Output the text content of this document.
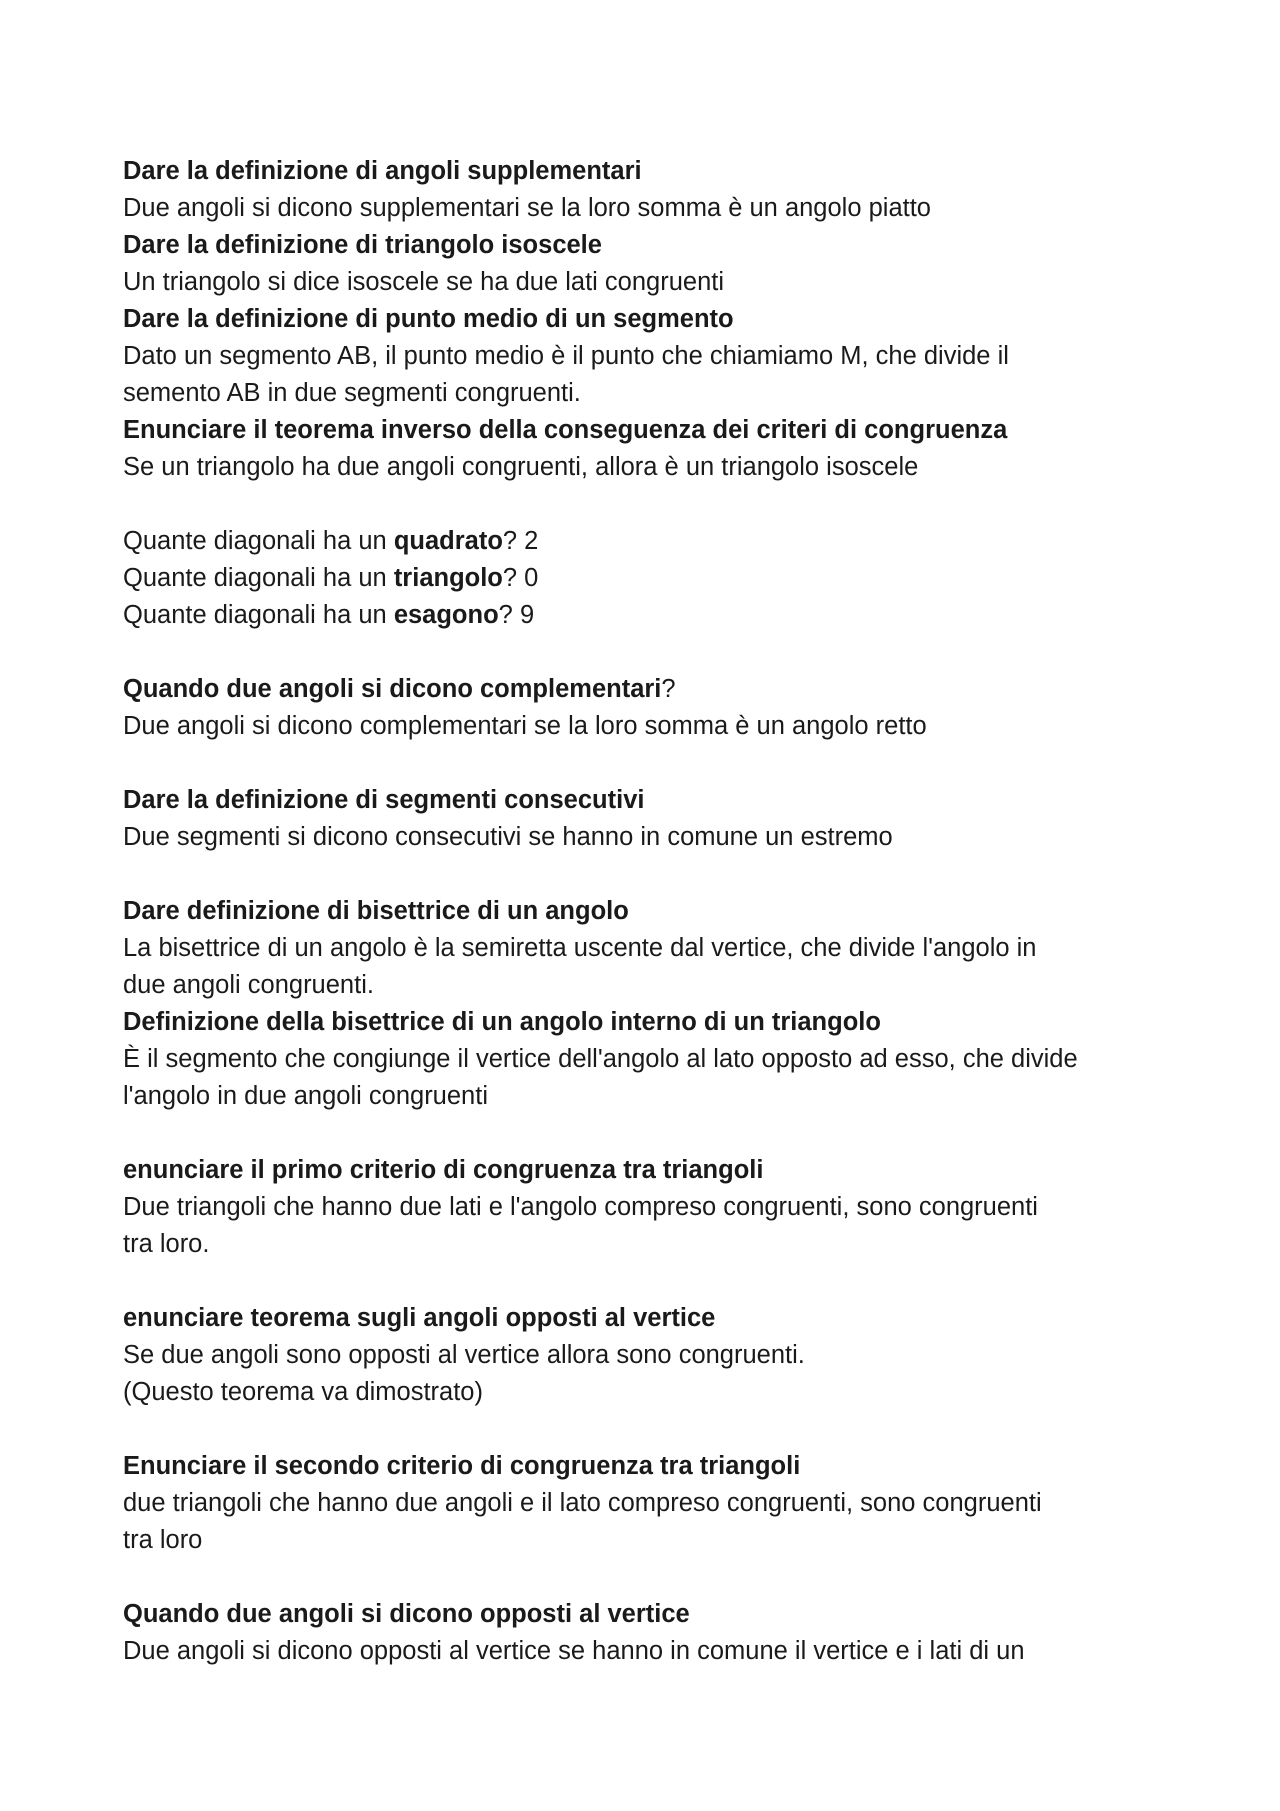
Dare la definizione di angoli supplementari
Due angoli si dicono supplementari se la loro somma è un angolo piatto
Dare la definizione di triangolo isoscele
Un triangolo si dice isoscele se ha due lati congruenti
Dare la definizione di punto medio di un segmento
Dato un segmento AB, il punto medio è il punto che chiamiamo M, che divide il
semento AB in due segmenti congruenti.
Enunciare il teorema inverso della conseguenza dei criteri di congruenza
Se un triangolo ha due angoli congruenti, allora è un triangolo isoscele
Quante diagonali ha un quadrato? 2
Quante diagonali ha un triangolo? 0
Quante diagonali ha un esagono? 9
Quando due angoli si dicono complementari?
Due angoli si dicono complementari se la loro somma è un angolo retto
Dare la definizione di segmenti consecutivi
Due segmenti si dicono consecutivi se hanno in comune un estremo
Dare definizione di bisettrice di un angolo
La bisettrice di un angolo è la semiretta uscente dal vertice, che divide l'angolo in
due angoli congruenti.
Definizione della bisettrice di un angolo interno di un triangolo
È il segmento che congiunge il vertice dell'angolo al lato opposto ad esso, che divide
l'angolo in due angoli congruenti
enunciare il primo criterio di congruenza tra triangoli
Due triangoli che hanno due lati e l'angolo compreso congruenti, sono congruenti
tra loro.
enunciare teorema sugli angoli opposti al vertice
Se due angoli sono opposti al vertice allora sono congruenti.
(Questo teorema va dimostrato)
Enunciare il secondo criterio di congruenza tra triangoli
due triangoli che hanno due angoli e il lato compreso congruenti, sono congruenti
tra loro
Quando due angoli si dicono opposti al vertice
Due angoli si dicono opposti al vertice se hanno in comune il vertice e i lati di un
